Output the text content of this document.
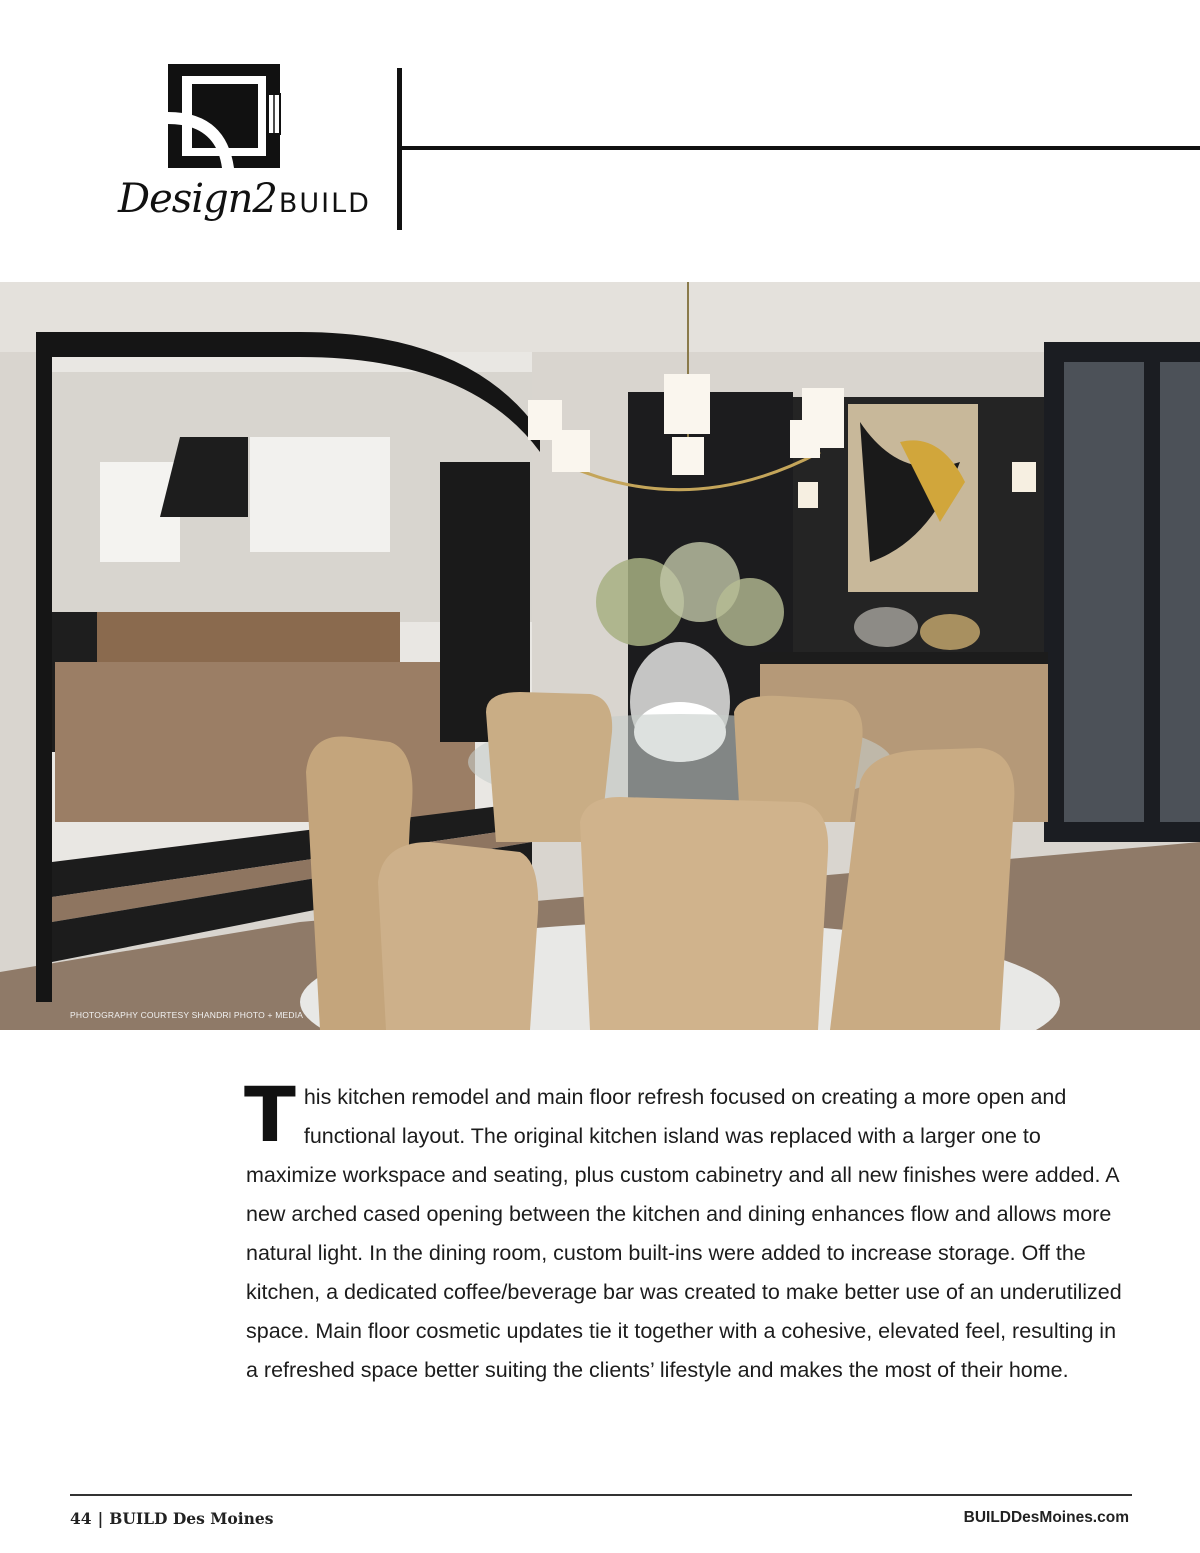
Design2BUILD
PHOTOGRAPHY COURTESY SHANDRI PHOTO + MEDIA
This kitchen remodel and main floor refresh focused on creating a more open and functional layout. The original kitchen island was replaced with a larger one to maximize workspace and seating, plus custom cabinetry and all new finishes were added. A new arched cased opening between the kitchen and dining enhances flow and allows more natural light. In the dining room, custom built-ins were added to increase storage. Off the kitchen, a dedicated coffee/beverage bar was created to make better use of an underutilized space. Main floor cosmetic updates tie it together with a cohesive, elevated feel, resulting in a refreshed space better suiting the clients’ lifestyle and makes the most of their home.
44 | BUILD Des Moines	BUILDDesMoines.com
